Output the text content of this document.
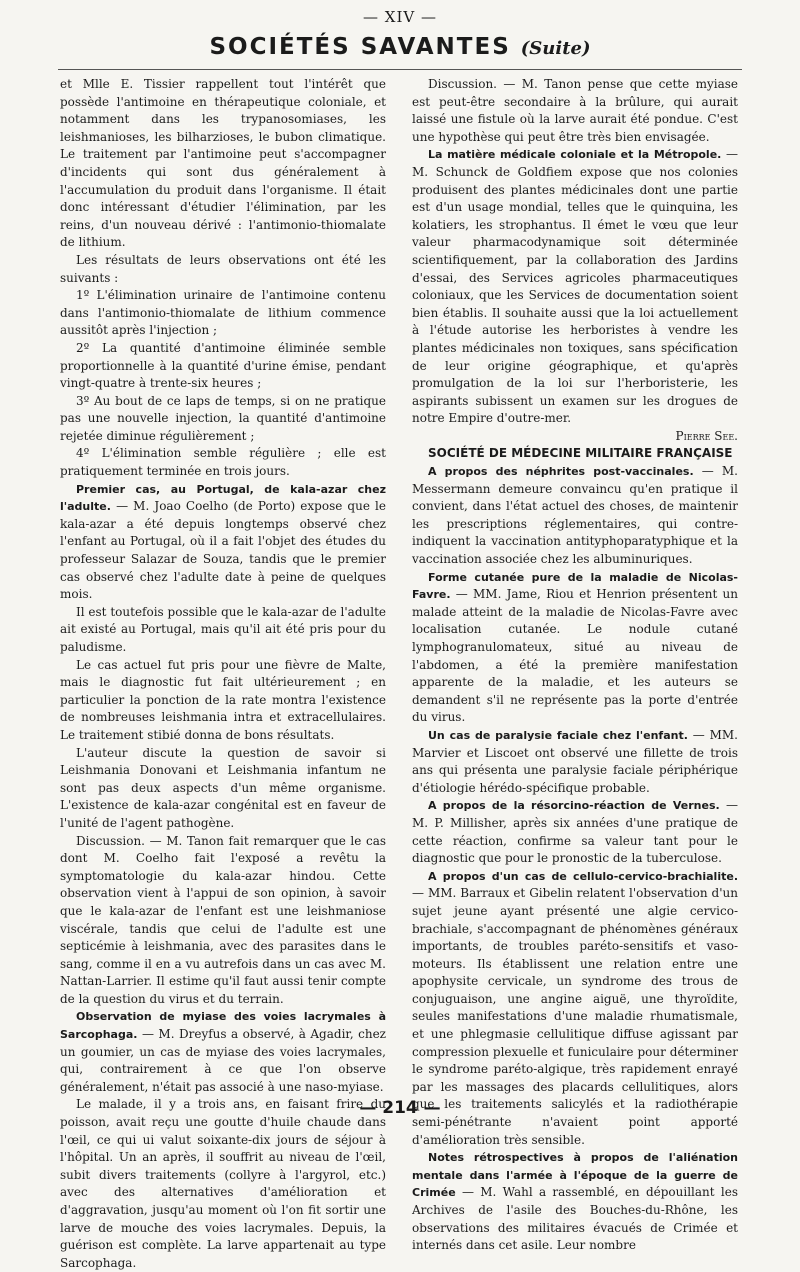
— XIV —
SOCIÉTÉS SAVANTES (Suite)

et Mlle E. Tissier rappellent tout l'intérêt que possède l'antimoine en thérapeutique coloniale, et notamment dans les trypanosomiases, les leishmanioses, les bilharzioses, le bubon climatique. Le traitement par l'antimoine peut s'accompagner d'incidents qui sont dus généralement à l'accumulation du produit dans l'organisme. Il était donc intéressant d'étudier l'élimination, par les reins, d'un nouveau dérivé : l'antimonio-thiomalate de lithium.

Les résultats de leurs observations ont été les suivants :

1º L'élimination urinaire de l'antimoine contenu dans l'antimonio-thiomalate de lithium commence aussitôt après l'injection ;

2º La quantité d'antimoine éliminée semble proportionnelle à la quantité d'urine émise, pendant vingt-quatre à trente-six heures ;

3º Au bout de ce laps de temps, si on ne pratique pas une nouvelle injection, la quantité d'antimoine rejetée diminue régulièrement ;

4º L'élimination semble régulière ; elle est pratiquement terminée en trois jours.

Premier cas, au Portugal, de kala-azar chez l'adulte. — M. Joao Coelho (de Porto) expose que le kala-azar a été depuis longtemps observé chez l'enfant au Portugal, où il a fait l'objet des études du professeur Salazar de Souza, tandis que le premier cas observé chez l'adulte date à peine de quelques mois.

Il est toutefois possible que le kala-azar de l'adulte ait existé au Portugal, mais qu'il ait été pris pour du paludisme.

Le cas actuel fut pris pour une fièvre de Malte, mais le diagnostic fut fait ultérieurement ; en particulier la ponction de la rate montra l'existence de nombreuses leishmania intra et extracellulaires. Le traitement stibié donna de bons résultats.

L'auteur discute la question de savoir si Leishmania Donovani et Leishmania infantum ne sont pas deux aspects d'un même organisme. L'existence de kala-azar congénital est en faveur de l'unité de l'agent pathogène.

Discussion. — M. Tanon fait remarquer que le cas dont M. Coelho fait l'exposé a revêtu la symptomatologie du kala-azar hindou. Cette observation vient à l'appui de son opinion, à savoir que le kala-azar de l'enfant est une leishmaniose viscérale, tandis que celui de l'adulte est une septicémie à leishmania, avec des parasites dans le sang, comme il en a vu autrefois dans un cas avec M. Nattan-Larrier. Il estime qu'il faut aussi tenir compte de la question du virus et du terrain.

Observation de myiase des voies lacrymales à Sarcophaga. — M. Dreyfus a observé, à Agadir, chez un goumier, un cas de myiase des voies lacrymales, qui, contrairement à ce que l'on observe généralement, n'était pas associé à une naso-myiase.

Le malade, il y a trois ans, en faisant frire du poisson, avait reçu une goutte d'huile chaude dans l'œil, ce qui ui valut soixante-dix jours de séjour à l'hôpital. Un an après, il souffrit au niveau de l'œil, subit divers traitements (collyre à l'argyrol, etc.) avec des alternatives d'amélioration et d'aggravation, jusqu'au moment où l'on fit sortir une larve de mouche des voies lacrymales. Depuis, la guérison est complète. La larve appartenait au type Sarcophaga.

Discussion. — M. Tanon pense que cette myiase est peut-être secondaire à la brûlure, qui aurait laissé une fistule où la larve aurait été pondue. C'est une hypothèse qui peut être très bien envisagée.

La matière médicale coloniale et la Métropole. — M. Schunck de Goldfiem expose que nos colonies produisent des plantes médicinales dont une partie est d'un usage mondial, telles que le quinquina, les kolatiers, les strophantus. Il émet le vœu que leur valeur pharmacodynamique soit déterminée scientifiquement, par la collaboration des Jardins d'essai, des Services agricoles pharmaceutiques coloniaux, que les Services de documentation soient bien établis. Il souhaite aussi que la loi actuellement à l'étude autorise les herboristes à vendre les plantes médicinales non toxiques, sans spécification de leur origine géographique, et qu'après promulgation de la loi sur l'herboristerie, les aspirants subissent un examen sur les drogues de notre Empire d'outre-mer.

Pierre See.

SOCIÉTÉ DE MÉDECINE MILITAIRE FRANÇAISE

A propos des néphrites post-vaccinales. — M. Messermann demeure convaincu qu'en pratique il convient, dans l'état actuel des choses, de maintenir les prescriptions réglementaires, qui contre-indiquent la vaccination antityphoparatyphique et la vaccination associée chez les albuminuriques.

Forme cutanée pure de la maladie de Nicolas-Favre. — MM. Jame, Riou et Henrion présentent un malade atteint de la maladie de Nicolas-Favre avec localisation cutanée. Le nodule cutané lymphogranulomateux, situé au niveau de l'abdomen, a été la première manifestation apparente de la maladie, et les auteurs se demandent s'il ne représente pas la porte d'entrée du virus.

Un cas de paralysie faciale chez l'enfant. — MM. Marvier et Liscoet ont observé une fillette de trois ans qui présenta une paralysie faciale périphérique d'étiologie hérédo-spécifique probable.

A propos de la résorcino-réaction de Vernes. — M. P. Millisher, après six années d'une pratique de cette réaction, confirme sa valeur tant pour le diagnostic que pour le pronostic de la tuberculose.

A propos d'un cas de cellulo-cervico-brachialite. — MM. Barraux et Gibelin relatent l'observation d'un sujet jeune ayant présenté une algie cervico-brachiale, s'accompagnant de phénomènes généraux importants, de troubles paréto-sensitifs et vaso-moteurs. Ils établissent une relation entre une apophysite cervicale, un syndrome des trous de conjuguaison, une angine aiguë, une thyroïdite, seules manifestations d'une maladie rhumatismale, et une phlegmasie cellulitique diffuse agissant par compression plexuelle et funiculaire pour déterminer le syndrome paréto-algique, très rapidement enrayé par les massages des placards cellulitiques, alors que les traitements salicylés et la radiothérapie semi-pénétrante n'avaient point apporté d'amélioration très sensible.

Notes rétrospectives à propos de l'aliénation mentale dans l'armée à l'époque de la guerre de Crimée — M. Wahl a rassemblé, en dépouillant les Archives de l'asile des Bouches-du-Rhône, les observations des militaires évacués de Crimée et internés dans cet asile. Leur nombre

— 214 —
